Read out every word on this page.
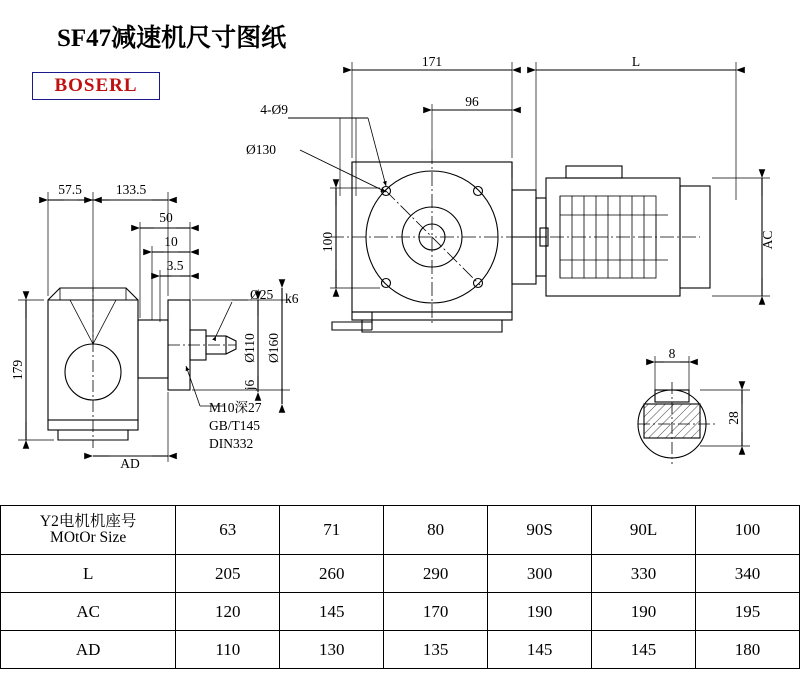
SF47减速机尺寸图纸
BOSERL
171	L
4-Ø9
96
Ø130
100	AC
57.5	133.5
50
10
3.5
Ø25 k6
Ø110
j6
Ø160
179
AD
8
28
M10深27
GB/T145
DIN332
Y2电机机座号
MOtOr Size	63	71	80	90S	90L	100
L	205	260	290	300	330	340
AC	120	145	170	190	190	195
AD	110	130	135	145	145	180
